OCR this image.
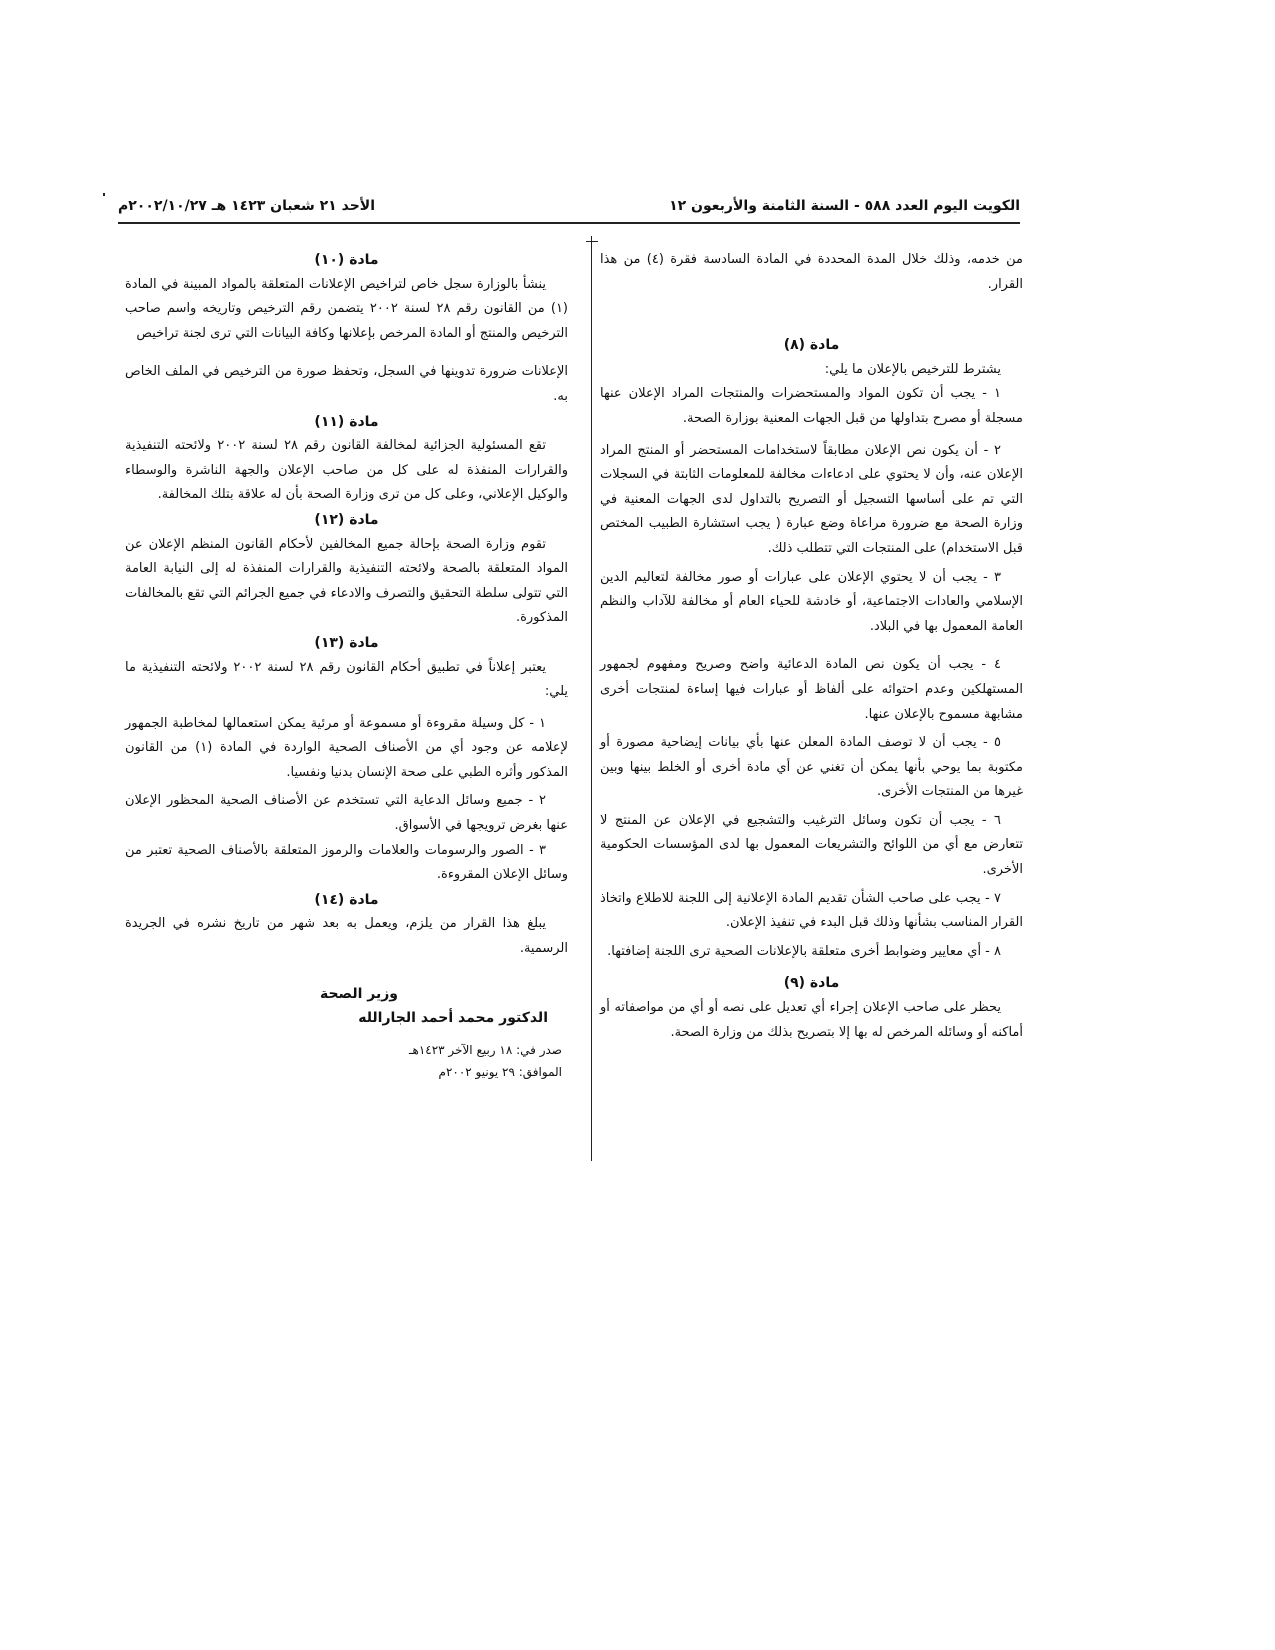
الكويت اليوم العدد ٥٨٨ - السنة الثامنة والأربعون ١٢
الأحد ٢١ شعبان ١٤٢٣ هـ ٢٠٠٢/١٠/٢٧م

من خدمه، وذلك خلال المدة المحددة في المادة السادسة فقرة (٤) من هذا القرار.

مادة (٨)

يشترط للترخيص بالإعلان ما يلي:

١ - يجب أن تكون المواد والمستحضرات والمنتجات المراد الإعلان عنها مسجلة أو مصرح بتداولها من قبل الجهات المعنية بوزارة الصحة.

٢ - أن يكون نص الإعلان مطابقاً لاستخدامات المستحضر أو المنتج المراد الإعلان عنه، وأن لا يحتوي على ادعاءات مخالفة للمعلومات الثابتة في السجلات التي تم على أساسها التسجيل أو التصريح بالتداول لدى الجهات المعنية في وزارة الصحة مع ضرورة مراعاة وضع عبارة ( يجب استشارة الطبيب المختص قبل الاستخدام) على المنتجات التي تتطلب ذلك.

٣ - يجب أن لا يحتوي الإعلان على عبارات أو صور مخالفة لتعاليم الدين الإسلامي والعادات الاجتماعية، أو خادشة للحياء العام أو مخالفة للآداب والنظم العامة المعمول بها في البلاد.

٤ - يجب أن يكون نص المادة الدعائية واضح وصريح ومفهوم لجمهور المستهلكين وعدم احتوائه على ألفاظ أو عبارات فيها إساءة لمنتجات أخرى مشابهة مسموح بالإعلان عنها.

٥ - يجب أن لا توصف المادة المعلن عنها بأي بيانات إيضاحية مصورة أو مكتوبة بما يوحي بأنها يمكن أن تغني عن أي مادة أخرى أو الخلط بينها وبين غيرها من المنتجات الأخرى.

٦ - يجب أن تكون وسائل الترغيب والتشجيع في الإعلان عن المنتج لا تتعارض مع أي من اللوائح والتشريعات المعمول بها لدى المؤسسات الحكومية الأخرى.

٧ - يجب على صاحب الشأن تقديم المادة الإعلانية إلى اللجنة للاطلاع واتخاذ القرار المناسب بشأنها وذلك قبل البدء في تنفيذ الإعلان.

٨ - أي معايير وضوابط أخرى متعلقة بالإعلانات الصحية ترى اللجنة إضافتها.

مادة (٩)

يحظر على صاحب الإعلان إجراء أي تعديل على نصه أو أي من مواصفاته أو أماكنه أو وسائله المرخص له بها إلا بتصريح بذلك من وزارة الصحة.

مادة (١٠)

ينشأ بالوزارة سجل خاص لتراخيص الإعلانات المتعلقة بالمواد المبينة في المادة (١) من القانون رقم ٢٨ لسنة ٢٠٠٢ يتضمن رقم الترخيص وتاريخه واسم صاحب الترخيص والمنتج أو المادة المرخص بإعلانها وكافة البيانات التي ترى لجنة تراخيص

الإعلانات ضرورة تدوينها في السجل، وتحفظ صورة من الترخيص في الملف الخاص به.

مادة (١١)

تقع المسئولية الجزائية لمخالفة القانون رقم ٢٨ لسنة ٢٠٠٢ ولائحته التنفيذية والقرارات المنفذة له على كل من صاحب الإعلان والجهة الناشرة والوسطاء والوكيل الإعلاني، وعلى كل من ترى وزارة الصحة بأن له علاقة بتلك المخالفة.

مادة (١٢)

تقوم وزارة الصحة بإحالة جميع المخالفين لأحكام القانون المنظم الإعلان عن المواد المتعلقة بالصحة ولائحته التنفيذية والقرارات المنفذة له إلى النيابة العامة التي تتولى سلطة التحقيق والتصرف والادعاء في جميع الجرائم التي تقع بالمخالفات المذكورة.

مادة (١٣)

يعتبر إعلاناً في تطبيق أحكام القانون رقم ٢٨ لسنة ٢٠٠٢ ولائحته التنفيذية ما يلي:

١ - كل وسيلة مقروءة أو مسموعة أو مرئية يمكن استعمالها لمخاطبة الجمهور لإعلامه عن وجود أي من الأصناف الصحية الواردة في المادة (١) من القانون المذكور وأثره الطبي على صحة الإنسان بدنيا ونفسيا.

٢ - جميع وسائل الدعاية التي تستخدم عن الأصناف الصحية المحظور الإعلان عنها بغرض ترويجها في الأسواق.

٣ - الصور والرسومات والعلامات والرموز المتعلقة بالأصناف الصحية تعتبر من وسائل الإعلان المقروءة.

مادة (١٤)

يبلغ هذا القرار من يلزم، ويعمل به بعد شهر من تاريخ نشره في الجريدة الرسمية.

وزير الصحة

الدكتور محمد أحمد الجارالله

صدر في: ١٨ ربيع الآخر ١٤٢٣هـ

الموافق: ٢٩ يونيو ٢٠٠٢م
